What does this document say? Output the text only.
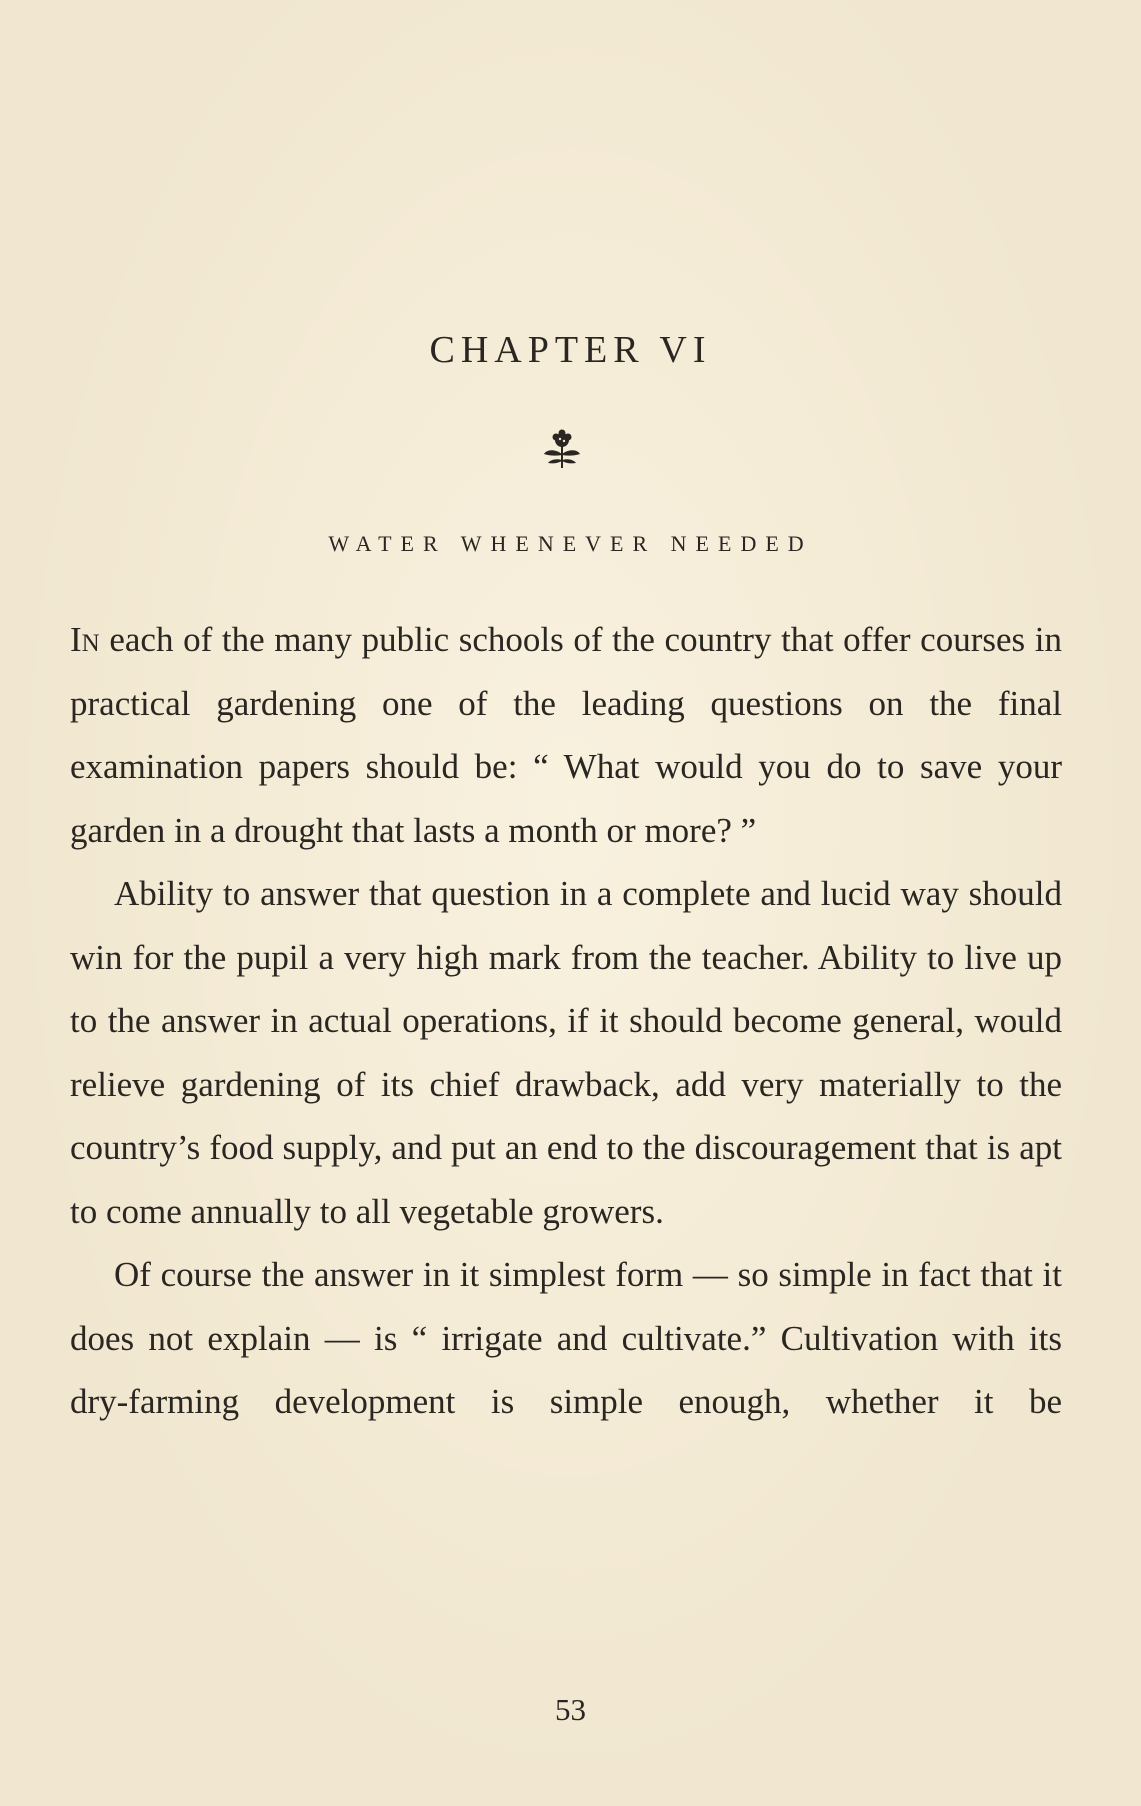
CHAPTER VI
WATER WHENEVER NEEDED

In each of the many public schools of the country that offer courses in practical gardening one of the leading questions on the final examination papers should be: “ What would you do to save your garden in a drought that lasts a month or more? ”

Ability to answer that question in a complete and lucid way should win for the pupil a very high mark from the teacher. Ability to live up to the answer in actual operations, if it should become general, would relieve gardening of its chief drawback, add very materially to the country’s food supply, and put an end to the discouragement that is apt to come annually to all vegetable growers.

Of course the answer in it simplest form — so simple in fact that it does not explain — is “ irrigate and cultivate.” Cultivation with its dry-farming development is simple enough, whether it be

53
